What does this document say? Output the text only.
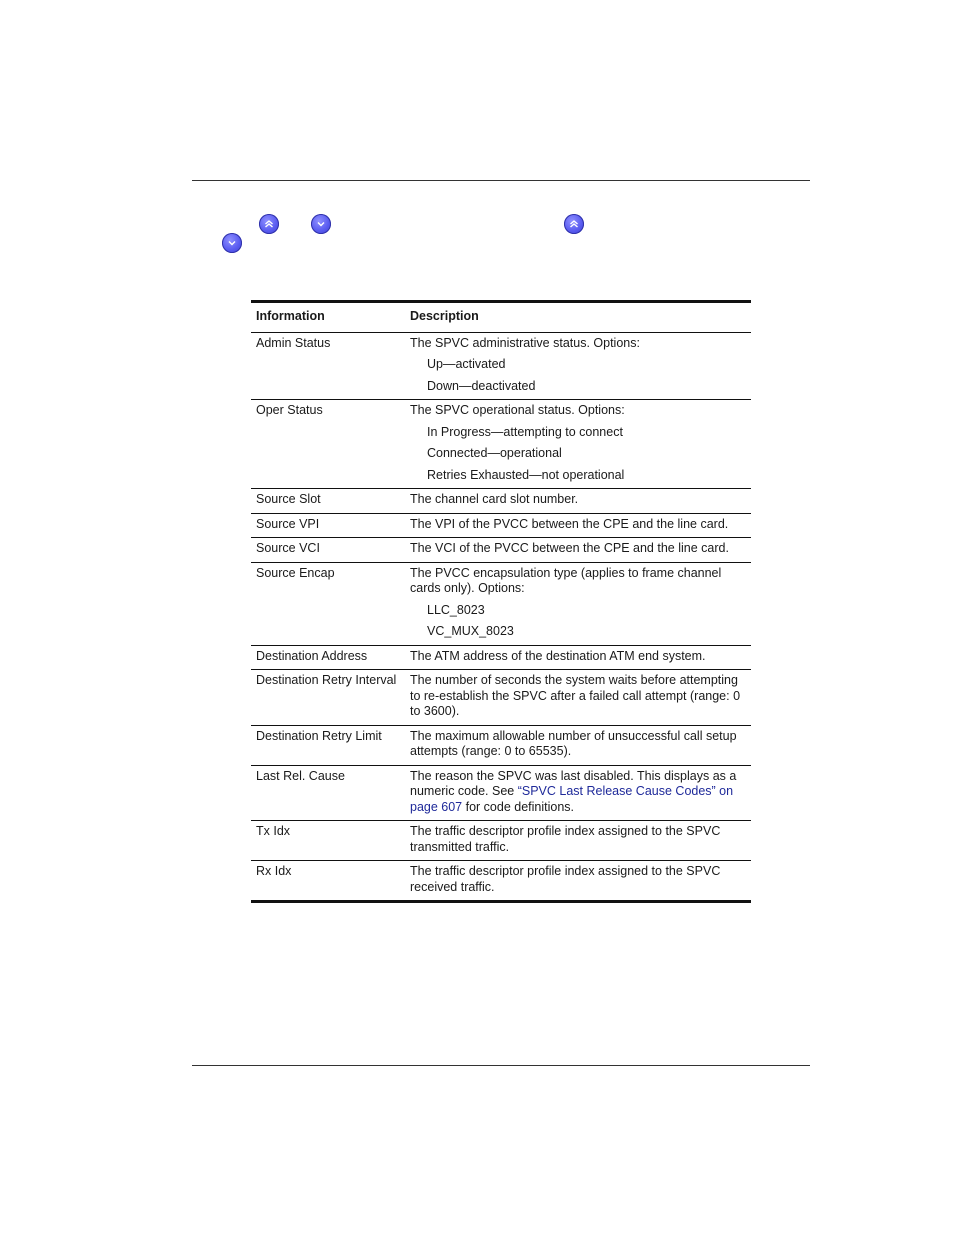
Information	Description
Admin Status	The SPVC administrative status. Options:
Up—activated
Down—deactivated

Oper Status	The SPVC operational status. Options:
In Progress—attempting to connect
Connected—operational
Retries Exhausted—not operational

Source Slot	The channel card slot number.
Source VPI	The VPI of the PVCC between the CPE and the line card.
Source VCI	The VCI of the PVCC between the CPE and the line card.
Source Encap	The PVCC encapsulation type (applies to frame channel cards only). Options:
LLC_8023
VC_MUX_8023

Destination Address	The ATM address of the destination ATM end system.
Destination Retry Interval	The number of seconds the system waits before attempting to re-establish the SPVC after a failed call attempt (range: 0 to 3600).
Destination Retry Limit	The maximum allowable number of unsuccessful call setup attempts (range: 0 to 65535).
Last Rel. Cause	The reason the SPVC was last disabled. This displays as a numeric code. See “SPVC Last Release Cause Codes” on page 607 for code definitions.
Tx Idx	The traffic descriptor profile index assigned to the SPVC transmitted traffic.
Rx Idx	The traffic descriptor profile index assigned to the SPVC received traffic.
